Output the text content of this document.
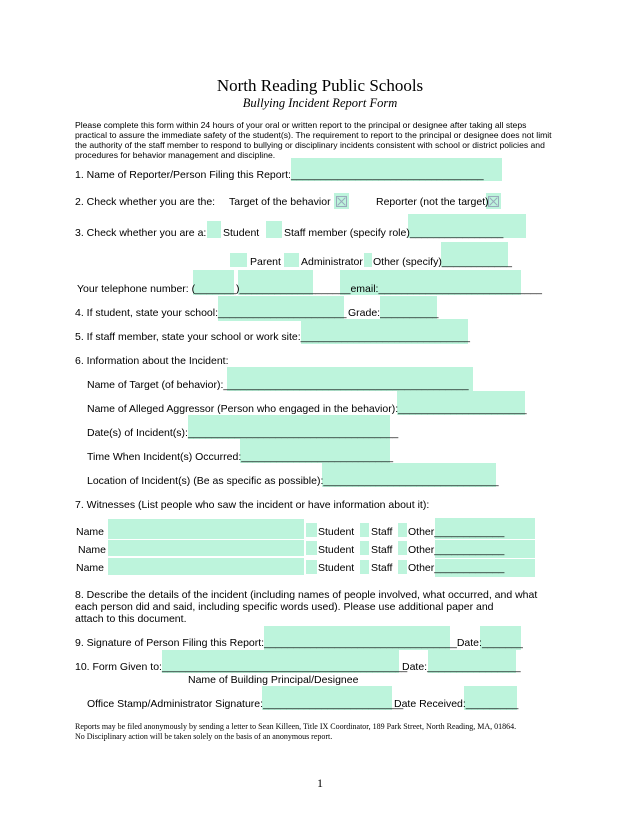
North Reading Public Schools
Bullying Incident Report Form
Please complete this form within 24 hours of your oral or written report to the principal or designee after taking all steps
practical to assure the immediate safety of the student(s). The requirement to report to the principal or designee does not limit
the authority of the staff member to respond to bullying or disciplinary incidents consistent with school or district policies and
procedures for behavior management and discipline.
1. Name of Reporter/Person Filing this Report:_________________________________
2. Check whether you are the: Target of the behavior	Reporter (not the target)
3. Check whether you are a: Student Staff member (specify role)________________
Parent Administrator Other (specify)____________
Your telephone number: (_______)___________________email:____________________________
4. If student, state your school:______________________ Grade:__________
5. If staff member, state your school or work site:_____________________________
6. Information about the Incident:
Name of Target (of behavior):__________________________________________
Name of Alleged Aggressor (Person who engaged in the behavior):______________________
Date(s) of Incident(s):____________________________________
Time When Incident(s) Occurred:__________________________
Location of Incident(s) (Be as specific as possible):______________________________
7. Witnesses (List people who saw the incident or have information about it):
Name	Student Staff Other____________
Name	Student Staff Other____________
Name	Student Staff Other____________
8. Describe the details of the incident (including names of people involved, what occurred, and what
each person did and said, including specific words used). Please use additional paper and
attach to this document.
9. Signature of Person Filing this Report:_________________________________Date:_______
10. Form Given to:__________________________________________
Date:________________
Name of Building Principal/Designee
Office Stamp/Administrator Signature:________________________
Date Received:_________
Reports may be filed anonymously by sending a letter to Sean Killeen, Title IX Coordinator, 189 Park Street, North Reading, MA, 01864.
No Disciplinary action will be taken solely on the basis of an anonymous report.
1
